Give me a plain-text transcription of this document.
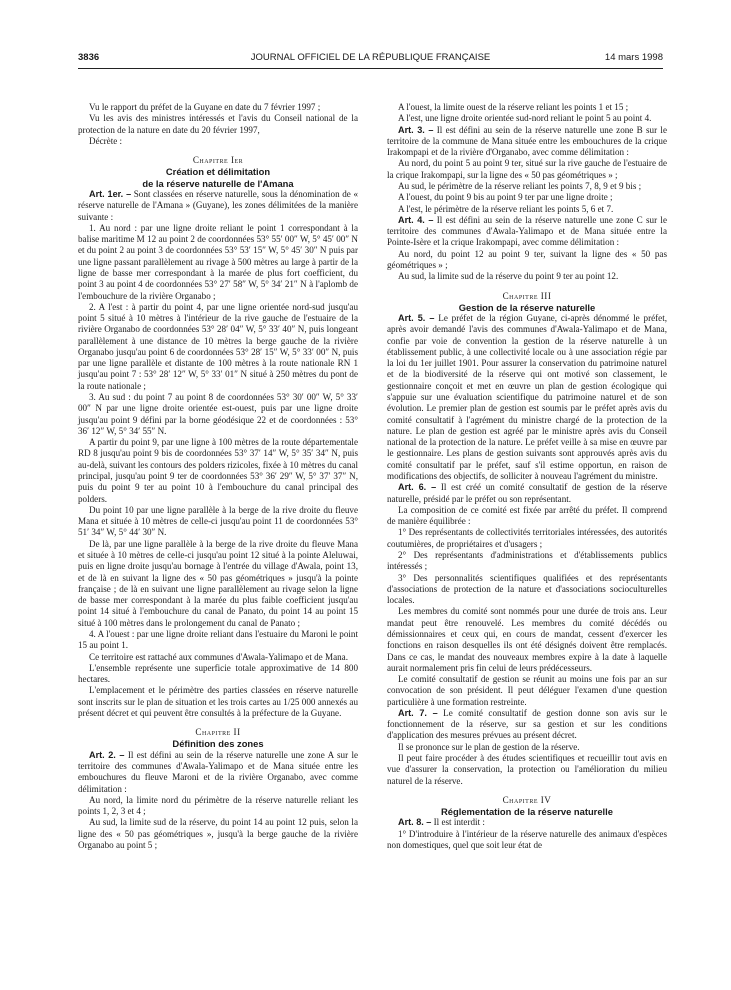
3836	JOURNAL OFFICIEL DE LA RÉPUBLIQUE FRANÇAISE	14 mars 1998

Vu le rapport du préfet de la Guyane en date du 7 février 1997 ;

Vu les avis des ministres intéressés et l'avis du Conseil national de la protection de la nature en date du 20 février 1997,

Décrète :

Chapitre Ier

Création et délimitation

de la réserve naturelle de l'Amana

Art. 1er. – Sont classées en réserve naturelle, sous la dénomination de « réserve naturelle de l'Amana » (Guyane), les zones délimitées de la manière suivante :

1. Au nord : par une ligne droite reliant le point 1 correspondant à la balise maritime M 12 au point 2 de coordonnées 53° 55′ 00″ W, 5° 45′ 00″ N et du point 2 au point 3 de coordonnées 53° 53′ 15″ W, 5° 45′ 30″ N puis par une ligne passant parallèlement au rivage à 500 mètres au large à partir de la ligne de basse mer correspondant à la marée de plus fort coefficient, du point 3 au point 4 de coordonnées 53° 27′ 58″ W, 5° 34′ 21″ N à l'aplomb de l'embouchure de la rivière Organabo ;

2. A l'est : à partir du point 4, par une ligne orientée nord-sud jusqu'au point 5 situé à 10 mètres à l'intérieur de la rive gauche de l'estuaire de la rivière Organabo de coordonnées 53° 28′ 04″ W, 5° 33′ 40″ N, puis longeant parallèlement à une distance de 10 mètres la berge gauche de la rivière Organabo jusqu'au point 6 de coordonnées 53° 28′ 15″ W, 5° 33′ 00″ N, puis par une ligne parallèle et distante de 100 mètres à la route nationale RN 1 jusqu'au point 7 : 53° 28′ 12″ W, 5° 33′ 01″ N situé à 250 mètres du pont de la route nationale ;

3. Au sud : du point 7 au point 8 de coordonnées 53° 30′ 00″ W, 5° 33′ 00″ N par une ligne droite orientée est-ouest, puis par une ligne droite jusqu'au point 9 défini par la borne géodésique 22 et de coordonnées : 53° 36′ 12″ W, 5° 34′ 55″ N.

A partir du point 9, par une ligne à 100 mètres de la route départementale RD 8 jusqu'au point 9 bis de coordonnées 53° 37′ 14″ W, 5° 35′ 34″ N, puis au-delà, suivant les contours des polders rizicoles, fixée à 10 mètres du canal principal, jusqu'au point 9 ter de coordonnées 53° 36′ 29″ W, 5° 37′ 37″ N, puis du point 9 ter au point 10 à l'embouchure du canal principal des polders.

Du point 10 par une ligne parallèle à la berge de la rive droite du fleuve Mana et située à 10 mètres de celle-ci jusqu'au point 11 de coordonnées 53° 51′ 34″ W, 5° 44′ 30″ N.

De là, par une ligne parallèle à la berge de la rive droite du fleuve Mana et située à 10 mètres de celle-ci jusqu'au point 12 situé à la pointe Aleluwai, puis en ligne droite jusqu'au bornage à l'entrée du village d'Awala, point 13, et de là en suivant la ligne des « 50 pas géométriques » jusqu'à la pointe française ; de là en suivant une ligne parallèlement au rivage selon la ligne de basse mer correspondant à la marée du plus faible coefficient jusqu'au point 14 situé à l'embouchure du canal de Panato, du point 14 au point 15 situé à 100 mètres dans le prolongement du canal de Panato ;

4. A l'ouest : par une ligne droite reliant dans l'estuaire du Maroni le point 15 au point 1.

Ce territoire est rattaché aux communes d'Awala-Yalimapo et de Mana.

L'ensemble représente une superficie totale approximative de 14 800 hectares.

L'emplacement et le périmètre des parties classées en réserve naturelle sont inscrits sur le plan de situation et les trois cartes au 1/25 000 annexés au présent décret et qui peuvent être consultés à la préfecture de la Guyane.

Chapitre II

Définition des zones

Art. 2. – Il est défini au sein de la réserve naturelle une zone A sur le territoire des communes d'Awala-Yalimapo et de Mana située entre les embouchures du fleuve Maroni et de la rivière Organabo, avec comme délimitation :

Au nord, la limite nord du périmètre de la réserve naturelle reliant les points 1, 2, 3 et 4 ;

Au sud, la limite sud de la réserve, du point 14 au point 12 puis, selon la ligne des « 50 pas géométriques », jusqu'à la berge gauche de la rivière Organabo au point 5 ;

A l'ouest, la limite ouest de la réserve reliant les points 1 et 15 ;

A l'est, une ligne droite orientée sud-nord reliant le point 5 au point 4.

Art. 3. – Il est défini au sein de la réserve naturelle une zone B sur le territoire de la commune de Mana située entre les embouchures de la crique Irakompapi et de la rivière d'Organabo, avec comme délimitation :

Au nord, du point 5 au point 9 ter, situé sur la rive gauche de l'estuaire de la crique Irakompapi, sur la ligne des « 50 pas géométriques » ;

Au sud, le périmètre de la réserve reliant les points 7, 8, 9 et 9 bis ;

A l'ouest, du point 9 bis au point 9 ter par une ligne droite ;

A l'est, le périmètre de la réserve reliant les points 5, 6 et 7.

Art. 4. – Il est défini au sein de la réserve naturelle une zone C sur le territoire des communes d'Awala-Yalimapo et de Mana située entre la Pointe-Isère et la crique Irakompapi, avec comme délimitation :

Au nord, du point 12 au point 9 ter, suivant la ligne des « 50 pas géométriques » ;

Au sud, la limite sud de la réserve du point 9 ter au point 12.

Chapitre III

Gestion de la réserve naturelle

Art. 5. – Le préfet de la région Guyane, ci-après dénommé le préfet, après avoir demandé l'avis des communes d'Awala-Yalimapo et de Mana, confie par voie de convention la gestion de la réserve naturelle à un établissement public, à une collectivité locale ou à une association régie par la loi du 1er juillet 1901. Pour assurer la conservation du patrimoine naturel et de la biodiversité de la réserve qui ont motivé son classement, le gestionnaire conçoit et met en œuvre un plan de gestion écologique qui s'appuie sur une évaluation scientifique du patrimoine naturel et de son évolution. Le premier plan de gestion est soumis par le préfet après avis du comité consultatif à l'agrément du ministre chargé de la protection de la nature. Le plan de gestion est agréé par le ministre après avis du Conseil national de la protection de la nature. Le préfet veille à sa mise en œuvre par le gestionnaire. Les plans de gestion suivants sont approuvés après avis du comité consultatif par le préfet, sauf s'il estime opportun, en raison de modifications des objectifs, de solliciter à nouveau l'agrément du ministre.

Art. 6. – Il est créé un comité consultatif de gestion de la réserve naturelle, présidé par le préfet ou son représentant.

La composition de ce comité est fixée par arrêté du préfet. Il comprend de manière équilibrée :

1° Des représentants de collectivités territoriales intéressées, des autorités coutumières, de propriétaires et d'usagers ;

2° Des représentants d'administrations et d'établissements publics intéressés ;

3° Des personnalités scientifiques qualifiées et des représentants d'associations de protection de la nature et d'associations socioculturelles locales.

Les membres du comité sont nommés pour une durée de trois ans. Leur mandat peut être renouvelé. Les membres du comité décédés ou démissionnaires et ceux qui, en cours de mandat, cessent d'exercer les fonctions en raison desquelles ils ont été désignés doivent être remplacés. Dans ce cas, le mandat des nouveaux membres expire à la date à laquelle aurait normalement pris fin celui de leurs prédécesseurs.

Le comité consultatif de gestion se réunit au moins une fois par an sur convocation de son président. Il peut déléguer l'examen d'une question particulière à une formation restreinte.

Art. 7. – Le comité consultatif de gestion donne son avis sur le fonctionnement de la réserve, sur sa gestion et sur les conditions d'application des mesures prévues au présent décret.

Il se prononce sur le plan de gestion de la réserve.

Il peut faire procéder à des études scientifiques et recueillir tout avis en vue d'assurer la conservation, la protection ou l'amélioration du milieu naturel de la réserve.

Chapitre IV

Réglementation de la réserve naturelle

Art. 8. – Il est interdit :

1° D'introduire à l'intérieur de la réserve naturelle des animaux d'espèces non domestiques, quel que soit leur état de
